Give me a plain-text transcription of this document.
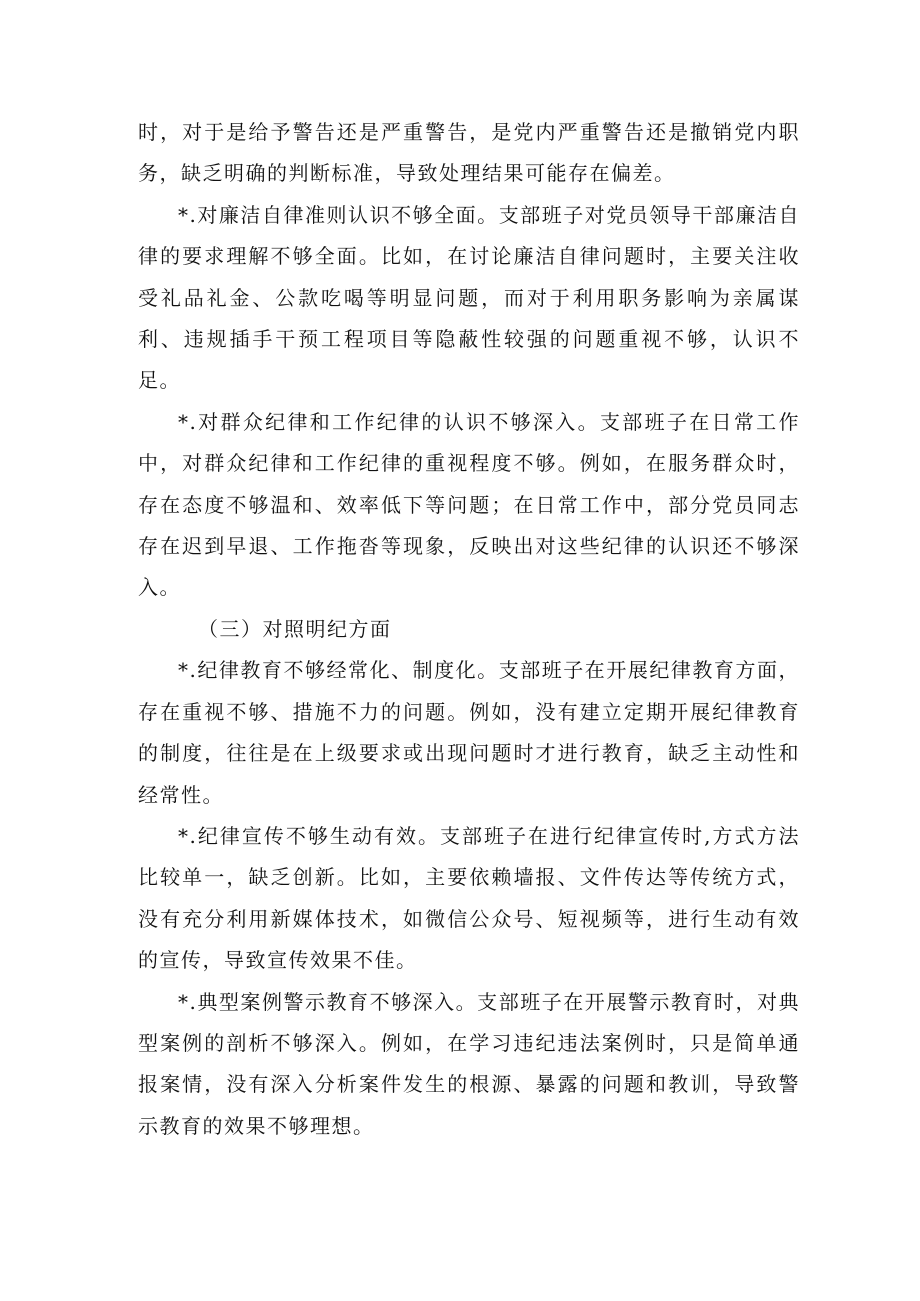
时，对于是给予警告还是严重警告，是党内严重警告还是撤销党内职务，缺乏明确的判断标准，导致处理结果可能存在偏差。

*.对廉洁自律准则认识不够全面。支部班子对党员领导干部廉洁自律的要求理解不够全面。比如，在讨论廉洁自律问题时，主要关注收受礼品礼金、公款吃喝等明显问题，而对于利用职务影响为亲属谋利、违规插手干预工程项目等隐蔽性较强的问题重视不够，认识不足。

*.对群众纪律和工作纪律的认识不够深入。支部班子在日常工作中，对群众纪律和工作纪律的重视程度不够。例如，在服务群众时，存在态度不够温和、效率低下等问题；在日常工作中，部分党员同志存在迟到早退、工作拖沓等现象，反映出对这些纪律的认识还不够深入。

（三）对照明纪方面

*.纪律教育不够经常化、制度化。支部班子在开展纪律教育方面，存在重视不够、措施不力的问题。例如，没有建立定期开展纪律教育的制度，往往是在上级要求或出现问题时才进行教育，缺乏主动性和经常性。

*.纪律宣传不够生动有效。支部班子在进行纪律宣传时,方式方法比较单一，缺乏创新。比如，主要依赖墙报、文件传达等传统方式，没有充分利用新媒体技术，如微信公众号、短视频等，进行生动有效的宣传，导致宣传效果不佳。

*.典型案例警示教育不够深入。支部班子在开展警示教育时，对典型案例的剖析不够深入。例如，在学习违纪违法案例时，只是简单通报案情，没有深入分析案件发生的根源、暴露的问题和教训，导致警示教育的效果不够理想。
